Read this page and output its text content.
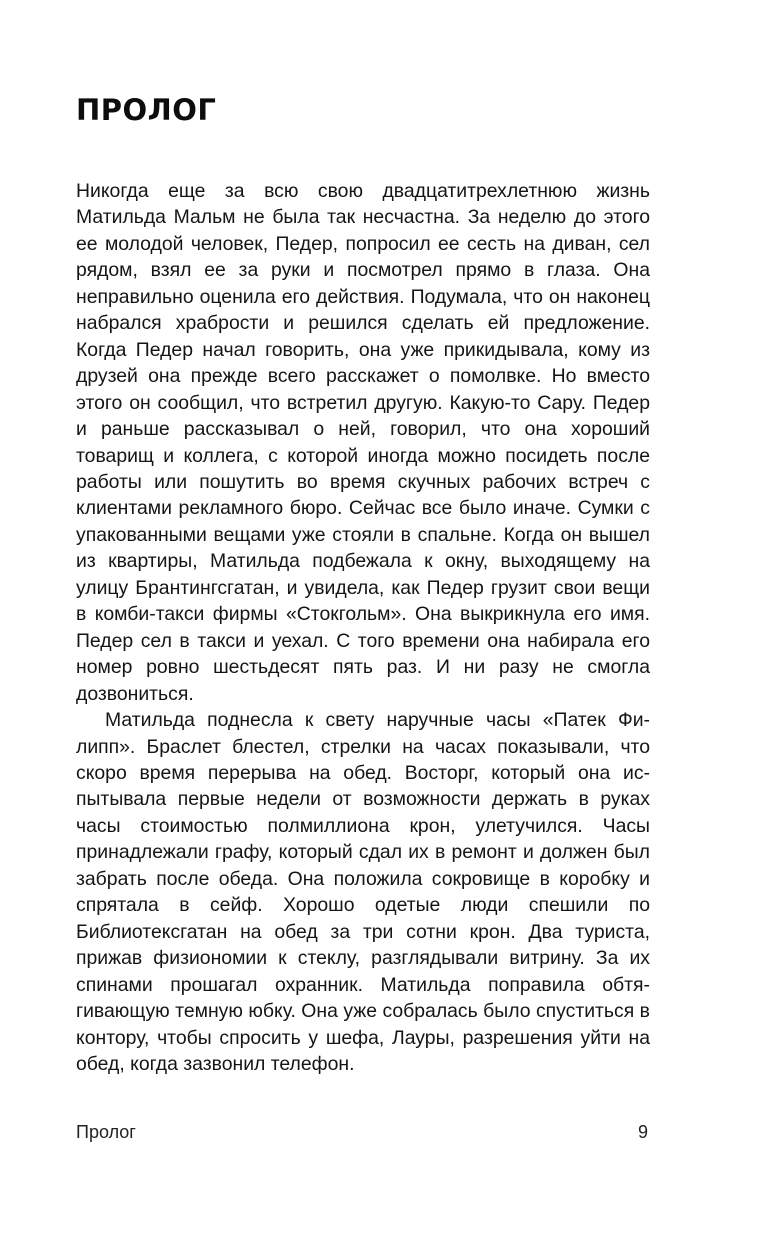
ПРОЛОГ

Никогда еще за всю свою двадцатитрехлетнюю жизнь Матильда Мальм не была так несчастна. За неделю до этого ее молодой человек, Педер, попросил ее сесть на диван, сел рядом, взял ее за руки и посмотрел прямо в глаза. Она неправильно оценила его действия. Подумала, что он наконец набрался храбрости и решился сделать ей предложение. Когда Педер начал говорить, она уже прикидывала, кому из друзей она прежде всего расскажет о помолвке. Но вместо этого он сообщил, что встретил другую. Какую-то Сару. Педер и раньше рассказывал о ней, говорил, что она хороший товарищ и коллега, с которой иногда можно посидеть после работы или пошутить во время скучных рабочих встреч с клиентами рекламного бюро. Сейчас все было иначе. Сумки с упакованными вещами уже стояли в спальне. Когда он вышел из квартиры, Матильда подбежала к окну, выходящему на улицу Брантингсгатан, и увидела, как Педер грузит свои вещи в комби-такси фирмы «Стокгольм». Она выкрикнула его имя. Педер сел в такси и уехал. С того времени она набирала его номер ровно шестьдесят пять раз. И ни разу не смогла дозвониться.

Матильда поднесла к свету наручные часы «Патек Филипп». Браслет блестел, стрелки на часах показывали, что скоро время перерыва на обед. Восторг, который она испытывала первые недели от возможности держать в руках часы стоимостью полмиллиона крон, улетучился. Часы принадлежали графу, который сдал их в ремонт и должен был забрать после обеда. Она положила сокровище в коробку и спрятала в сейф. Хорошо одетые люди спешили по Библиотексгатан на обед за три сотни крон. Два туриста, прижав физиономии к стеклу, разглядывали витрину. За их спинами прошагал охранник. Матильда поправила обтягивающую темную юбку. Она уже собралась было спуститься в контору, чтобы спросить у шефа, Лауры, разрешения уйти на обед, когда зазвонил телефон.

Пролог	9
